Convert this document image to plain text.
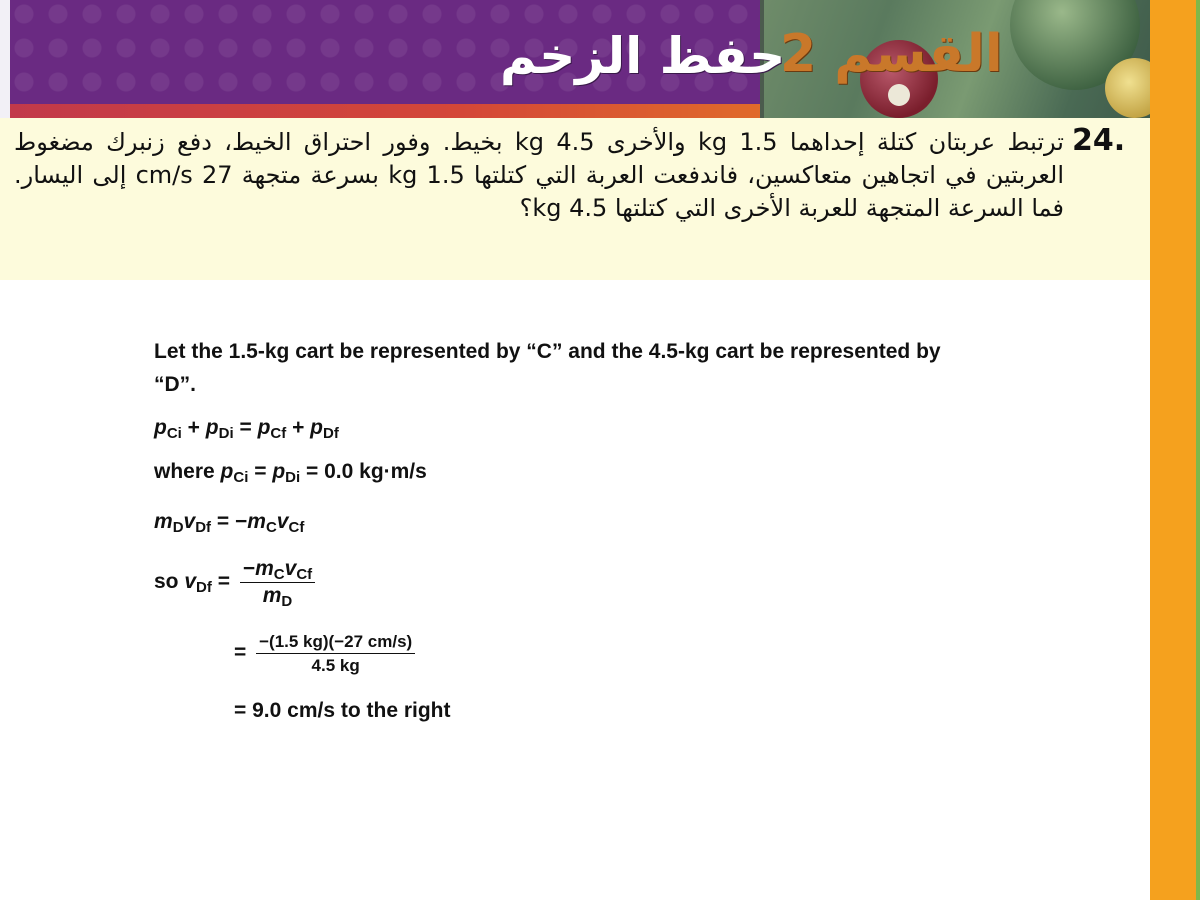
حفظ الزخم
القسم 2
24.

ترتبط عربتان كتلة إحداهما 1.5 kg والأخرى 4.5 kg بخيط. وفور احتراق الخيط، دفع زنبرك مضغوط العربتين في اتجاهين متعاكسين، فاندفعت العربة التي كتلتها 1.5 kg بسرعة متجهة 27 cm/s إلى اليسار. فما السرعة المتجهة للعربة الأخرى التي كتلتها 4.5 kg؟

Let the 1.5-kg cart be represented by “C” and the 4.5-kg cart be represented by “D”.

$p_{Ci} + p_{Di} = p_{Cf} + p_{Df}$
where $p_{Ci} = p_{Di} = 0.0$ kg·m/s
$m_Dv_{Df} = -m_Cv_{Cf}$
so $v_{Df} = \frac{-m_Cv_{Cf}}{m_D}$
= $\frac{-(1.5 kg)(-27 cm/s)}{4.5 kg}$
= 9.0 cm/s to the right
